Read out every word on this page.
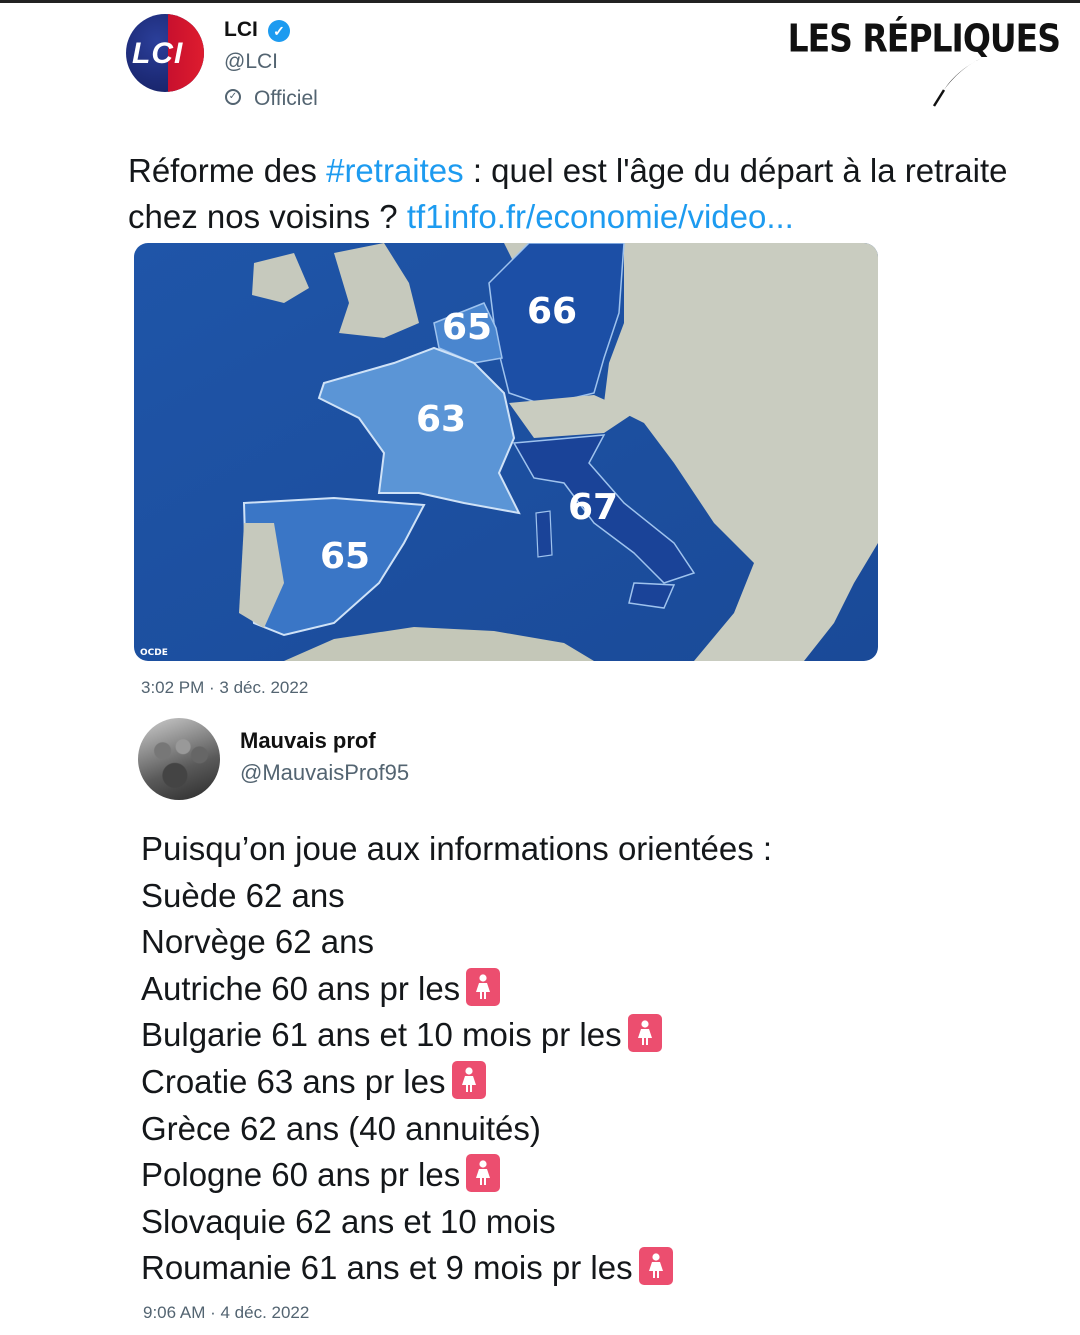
LCI
LCI	✓
@LCI
✓ Officiel
LES RÉPLIQUES
Réforme des #retraites : quel est l'âge du départ à la retraite chez nos voisins ? tf1info.fr/economie/video...
65 66
63
67
65
OCDE
3:02 PM · 3 déc. 2022
Mauvais prof
@MauvaisProf95
Puisqu’on joue aux informations orientées :
Suède 62 ans
Norvège 62 ans
Autriche 60 ans pr les
Bulgarie 61 ans et 10 mois pr les
Croatie 63 ans pr les
Grèce 62 ans (40 annuités)
Pologne 60 ans pr les
Slovaquie 62 ans et 10 mois
Roumanie 61 ans et 9 mois pr les
9:06 AM · 4 déc. 2022
